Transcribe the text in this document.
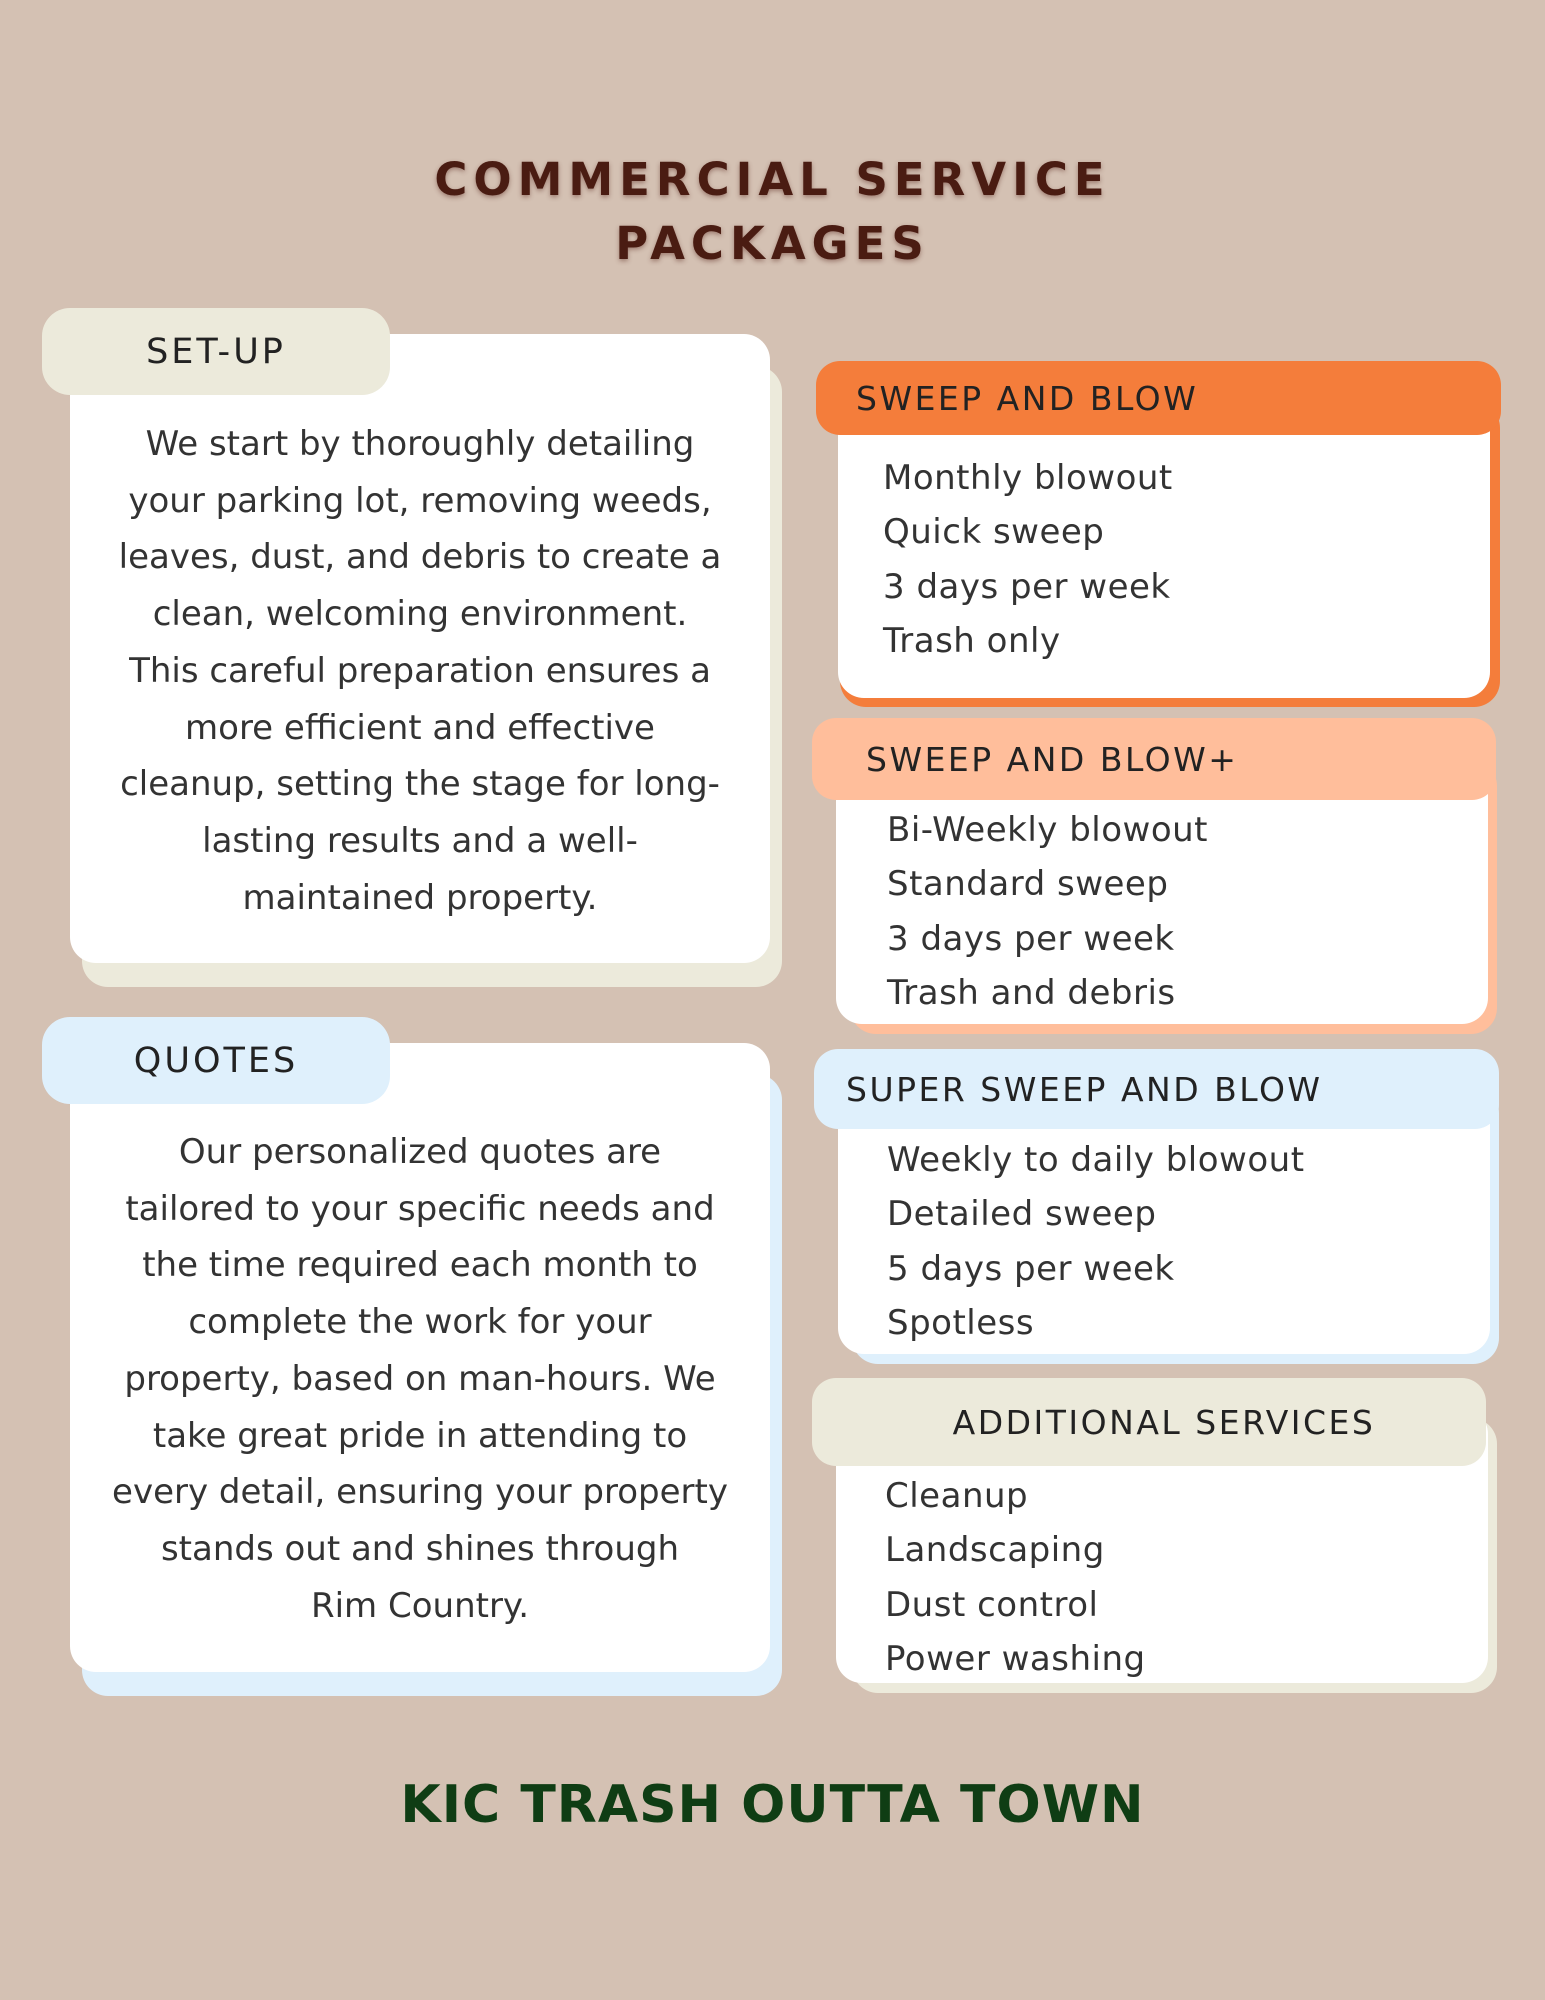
COMMERCIAL SERVICE
PACKAGES
SET-UP
We start by thoroughly detailing
your parking lot, removing weeds,
leaves, dust, and debris to create a
clean, welcoming environment.
This careful preparation ensures a
more efficient and effective
cleanup, setting the stage for long-
lasting results and a well-
maintained property.
QUOTES
Our personalized quotes are
tailored to your specific needs and
the time required each month to
complete the work for your
property, based on man-hours. We
take great pride in attending to
every detail, ensuring your property
stands out and shines through
Rim Country.
SWEEP AND BLOW
Monthly blowout
Quick sweep
3 days per week
Trash only
SWEEP AND BLOW+
Bi-Weekly blowout
Standard sweep
3 days per week
Trash and debris
SUPER SWEEP AND BLOW
Weekly to daily blowout
Detailed sweep
5 days per week
Spotless
ADDITIONAL SERVICES
Cleanup
Landscaping
Dust control
Power washing
KIC TRASH OUTTA TOWN
